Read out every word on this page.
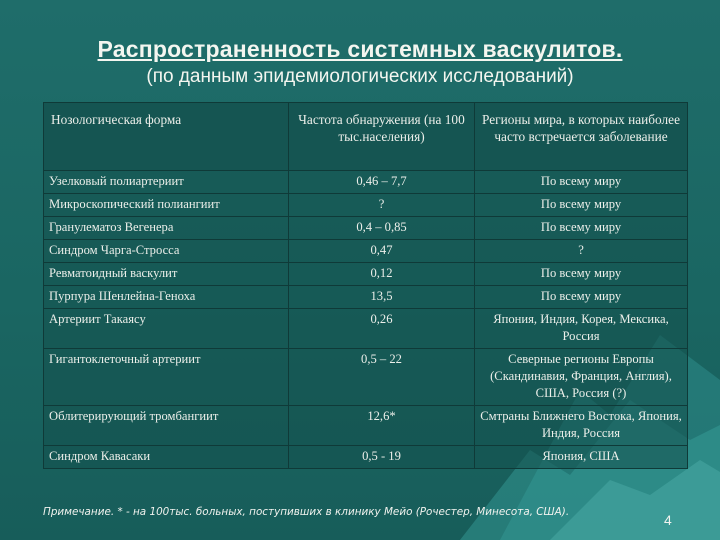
Распространенность системных васкулитов.
(по данным эпидемиологических исследований)
Нозологическая форма	Частота обнаружения (на 100 тыс.населения)	Регионы мира, в которых наиболее часто встречается заболевание
Узелковый полиартериит	0,46 – 7,7	По всему миру
Микроскопический полиангиит	?	По всему миру
Гранулематоз Вегенера	0,4 – 0,85	По всему миру
Синдром Чарга-Стросса	0,47	?
Ревматоидный васкулит	0,12	По всему миру
Пурпура Шенлейна-Геноха	13,5	По всему миру
Артериит Такаясу	0,26	Япония, Индия, Корея, Мексика, Россия
Гигантоклеточный артериит	0,5 – 22	Северные регионы Европы (Скандинавия, Франция, Англия), США, Россия (?)
Облитерирующий тромбангиит	12,6*	Смтраны Ближнего Востока, Япония, Индия, Россия
Синдром Кавасаки	0,5 - 19	Япония, США
Примечание. * - на 100тыс. больных, поступивших в клинику Мейо (Рочестер, Минесота, США).	4
